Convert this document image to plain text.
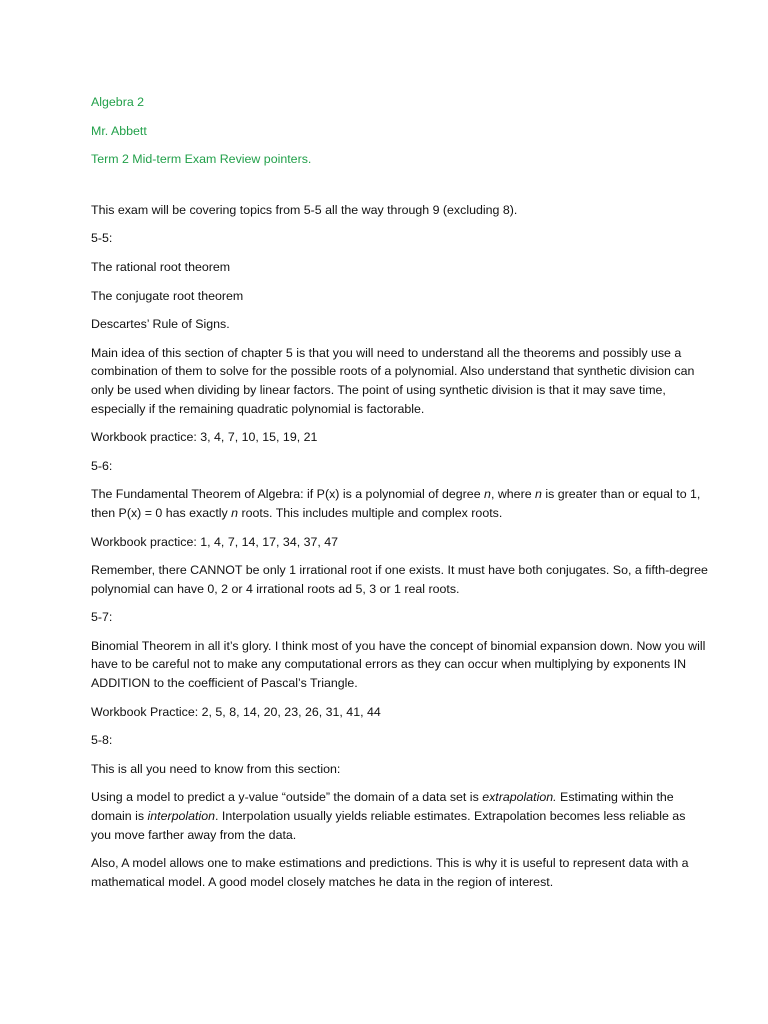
Algebra 2

Mr. Abbett

Term 2 Mid-term Exam Review pointers.

This exam will be covering topics from 5-5 all the way through 9 (excluding 8).

5-5:

The rational root theorem

The conjugate root theorem

Descartes’ Rule of Signs.

Main idea of this section of chapter 5 is that you will need to understand all the theorems and possibly use a combination of them to solve for the possible roots of a polynomial. Also understand that synthetic division can only be used when dividing by linear factors. The point of using synthetic division is that it may save time, especially if the remaining quadratic polynomial is factorable.

Workbook practice: 3, 4, 7, 10, 15, 19, 21

5-6:

The Fundamental Theorem of Algebra: if P(x) is a polynomial of degree n, where n is greater than or equal to 1, then P(x) = 0 has exactly n roots. This includes multiple and complex roots.

Workbook practice: 1, 4, 7, 14, 17, 34, 37, 47

Remember, there CANNOT be only 1 irrational root if one exists. It must have both conjugates. So, a fifth-degree polynomial can have 0, 2 or 4 irrational roots ad 5, 3 or 1 real roots.

5-7:

Binomial Theorem in all it’s glory. I think most of you have the concept of binomial expansion down. Now you will have to be careful not to make any computational errors as they can occur when multiplying by exponents IN ADDITION to the coefficient of Pascal’s Triangle.

Workbook Practice: 2, 5, 8, 14, 20, 23, 26, 31, 41, 44

5-8:

This is all you need to know from this section:

Using a model to predict a y-value “outside” the domain of a data set is extrapolation. Estimating within the domain is interpolation. Interpolation usually yields reliable estimates. Extrapolation becomes less reliable as you move farther away from the data.

Also, A model allows one to make estimations and predictions. This is why it is useful to represent data with a mathematical model. A good model closely matches he data in the region of interest.
